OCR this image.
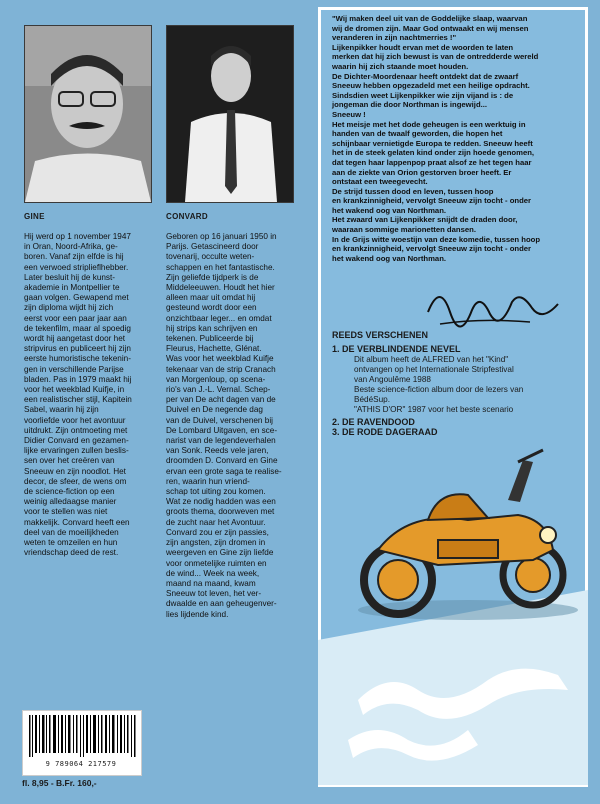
GINE	CONVARD

Hij werd op 1 november 1947
in Oran, Noord-Afrika, ge-
boren. Vanaf zijn elfde is hij
een verwoed striplieflhebber.
Later besluit hij de kunst-
akademie in Montpellier te
gaan volgen. Gewapend met
zijn diploma wijdt hij zich
eerst voor een paar jaar aan
de tekenfilm, maar al spoedig
wordt hij aangetast door het
stripvirus en publiceert hij zijn
eerste humoristische tekenin-
gen in verschillende Parijse
bladen. Pas in 1979 maakt hij
voor het weekblad Kuifje, in
een realistischer stijl, Kapitein
Sabel, waarin hij zijn
voorliefde voor het avontuur
uitdrukt. Zijn ontmoeting met
Didier Convard en gezamen-
lijke ervaringen zullen beslis-
sen over het creëren van
Sneeuw en zijn noodlot. Het
decor, de sfeer, de wens om
de science-fiction op een
weinig alledaagse manier
voor te stellen was niet
makkelijk. Convard heeft een
deel van de moeilijkheden
weten te omzeilen en hun
vriendschap deed de rest.

Geboren op 16 januari 1950 in
Parijs. Getascineerd door
tovenarij, occulte weten-
schappen en het fantastische.
Zijn geliefde tijdperk is de
Middeleeuwen. Houdt het hier
alleen maar uit omdat hij
gesteund wordt door een
onzichtbaar leger... en omdat
hij strips kan schrijven en
tekenen. Publiceerde bij
Fleurus, Hachette, Glénat.
Was voor het weekblad Kuifje
tekenaar van de strip Cranach
van Morgenloup, op scena-
rio's van J.-L. Vernal. Schep-
per van De acht dagen van de
Duivel en De negende dag
van de Duivel, verschenen bij
De Lombard Uitgaven, en sce-
narist van de legendeverhalen
van Sonk. Reeds vele jaren,
droomden D. Convard en Gine
ervan een grote saga te realise-
ren, waarin hun vriend-
schap tot uiting zou komen.
Wat ze nodig hadden was een
groots thema, doorweven met
de zucht naar het Avontuur.
Convard zou er zijn passies,
zijn angsten, zijn dromen in
weergeven en Gine zijn liefde
voor onmetelijke ruimten en
de wind... Week na week,
maand na maand, kwam
Sneeuw tot leven, het ver-
dwaalde en aan geheugenver-
lies lijdende kind.

"Wij maken deel uit van de Goddelijke slaap, waarvan
wij de dromen zijn. Maar God ontwaakt en wij mensen
veranderen in zijn nachtmerries !"
Lijkenpikker houdt ervan met de woorden te laten
merken dat hij zich bewust is van de ontredderde wereld
waarin hij zich staande moet houden.
De Dichter-Moordenaar heeft ontdekt dat de zwaarf
Sneeuw hebben opgezadeld met een heilige opdracht.
Sindsdien weet Lijkenpikker wie zijn vijand is : de
jongeman die door Northman is ingewijd...
Sneeuw !
Het meisje met het dode geheugen is een werktuig in
handen van de twaalf geworden, die hopen het
schijnbaar vernietigde Europa te redden. Sneeuw heeft
het in de steek gelaten kind onder zijn hoede genomen,
dat tegen haar lappenpop praat alsof ze het tegen haar
aan de ziekte van Orion gestorven broer heeft. Er
ontstaat een tweegevecht.
De strijd tussen dood en leven, tussen hoop
en krankzinnigheid, vervolgt Sneeuw zijn tocht - onder
het wakend oog van Northman.
Het zwaard van Lijkenpikker snijdt de draden door,
waaraan sommige marionetten dansen.
In de Grijs witte woestijn van deze komedie, tussen hoop
en krankzinnigheid, vervolgt Sneeuw zijn tocht - onder
het wakend oog van Northman.

REEDS VERSCHENEN
1. DE VERBLINDENDE NEVEL
Dit album heeft de ALFRED van het "Kind"
ontvangen op het Internationale Stripfestival
van Angoulême 1988
Beste science-fiction album door de lezers van
BédéSup.
"ATHIS D'OR" 1987 voor het beste scenario
2. DE RAVENDOOD
3. DE RODE DAGERAAD
9 789064 217579
fl. 8,95 - B.Fr. 160,-
